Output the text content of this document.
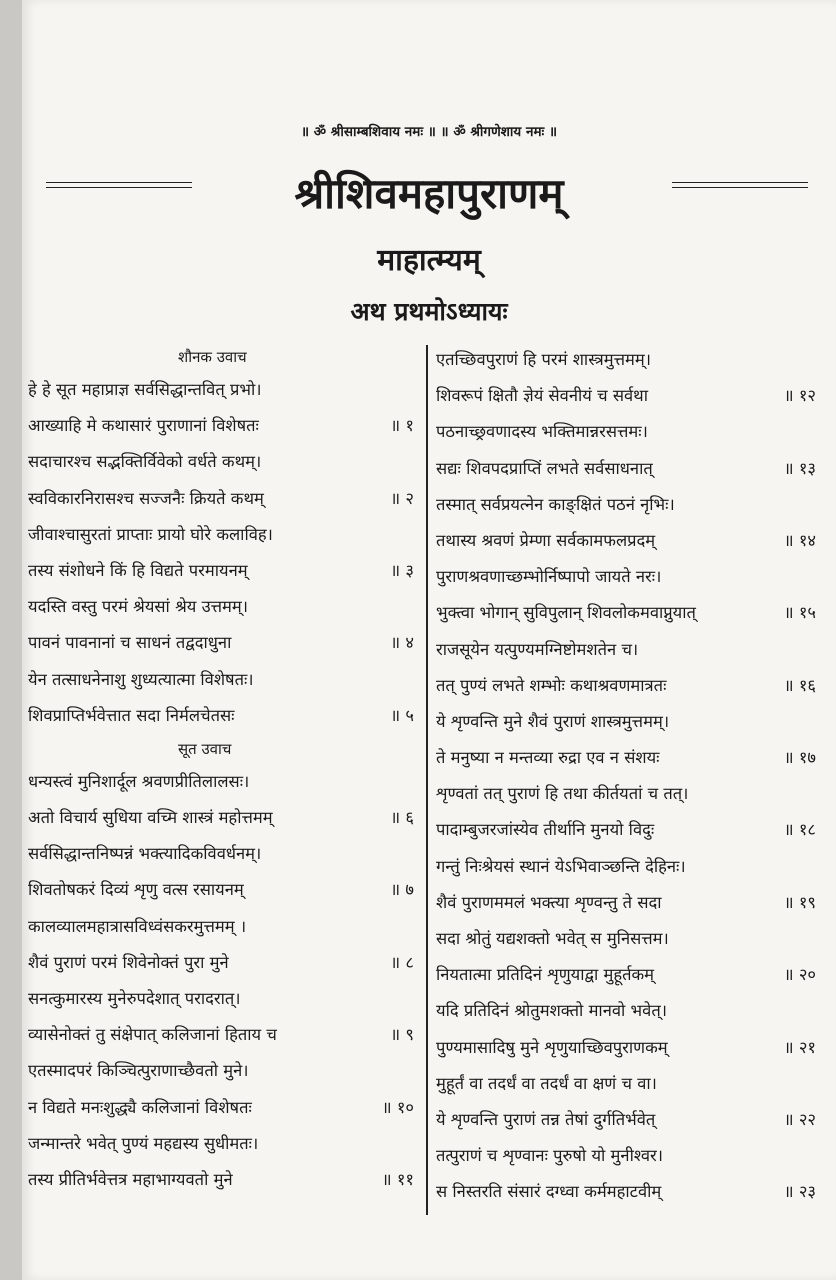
॥ ॐ श्रीसाम्बशिवाय नमः ॥ ॥ ॐ श्रीगणेशाय नमः ॥
श्रीशिवमहापुराणम्
माहात्म्यम्
अथ प्रथमोऽध्यायः
शौनक उवाच
हे हे सूत महाप्राज्ञ सर्वसिद्धान्तवित् प्रभो।
आख्याहि मे कथासारं पुराणानां विशेषतः	॥ १
सदाचारश्च सद्भक्तिर्विवेको वर्धते कथम्।
स्वविकारनिरासश्च सज्जनैः क्रियते कथम्	॥ २
जीवाश्चासुरतां प्राप्ताः प्रायो घोरे कलाविह।
तस्य संशोधने किं हि विद्यते परमायनम्	॥ ३
यदस्ति वस्तु परमं श्रेयसां श्रेय उत्तमम्।
पावनं पावनानां च साधनं तद्वदाधुना	॥ ४
येन तत्साधनेनाशु शुध्यत्यात्मा विशेषतः।
शिवप्राप्तिर्भवेत्तात सदा निर्मलचेतसः	॥ ५
सूत उवाच
धन्यस्त्वं मुनिशार्दूल श्रवणप्रीतिलालसः।
अतो विचार्य सुधिया वच्मि शास्त्रं महोत्तमम्	॥ ६
सर्वसिद्धान्तनिष्पन्नं भक्त्यादिकविवर्धनम्।
शिवतोषकरं दिव्यं शृणु वत्स रसायनम्	॥ ७
कालव्यालमहात्रासविध्वंसकरमुत्तमम् ।
शैवं पुराणं परमं शिवेनोक्तं पुरा मुने	॥ ८
सनत्कुमारस्य मुनेरुपदेशात् परादरात्।
व्यासेनोक्तं तु संक्षेपात् कलिजानां हिताय च	॥ ९
एतस्मादपरं किञ्चित्पुराणाच्छैवतो मुने।
न विद्यते मनःशुद्ध्यै कलिजानां विशेषतः	॥ १०
जन्मान्तरे भवेत् पुण्यं महद्यस्य सुधीमतः।
तस्य प्रीतिर्भवेत्तत्र महाभाग्यवतो मुने	॥ ११
एतच्छिवपुराणं हि परमं शास्त्रमुत्तमम्।
शिवरूपं क्षितौ ज्ञेयं सेवनीयं च सर्वथा	॥ १२
पठनाच्छ्रवणादस्य भक्तिमान्नरसत्तमः।
सद्यः शिवपदप्राप्तिं लभते सर्वसाधनात्	॥ १३
तस्मात् सर्वप्रयत्नेन काङ्क्षितं पठनं नृभिः।
तथास्य श्रवणं प्रेम्णा सर्वकामफलप्रदम्	॥ १४
पुराणश्रवणाच्छम्भोर्निष्पापो जायते नरः।
भुक्त्वा भोगान् सुविपुलान् शिवलोकमवाप्नुयात्	॥ १५
राजसूयेन यत्पुण्यमग्निष्टोमशतेन च।
तत् पुण्यं लभते शम्भोः कथाश्रवणमात्रतः	॥ १६
ये शृण्वन्ति मुने शैवं पुराणं शास्त्रमुत्तमम्।
ते मनुष्या न मन्तव्या रुद्रा एव न संशयः	॥ १७
शृण्वतां तत् पुराणं हि तथा कीर्तयतां च तत्।
पादाम्बुजरजांस्येव तीर्थानि मुनयो विदुः	॥ १८
गन्तुं निःश्रेयसं स्थानं येऽभिवाञ्छन्ति देहिनः।
शैवं पुराणममलं भक्त्या शृण्वन्तु ते सदा	॥ १९
सदा श्रोतुं यद्यशक्तो भवेत् स मुनिसत्तम।
नियतात्मा प्रतिदिनं शृणुयाद्वा मुहूर्तकम्	॥ २०
यदि प्रतिदिनं श्रोतुमशक्तो मानवो भवेत्।
पुण्यमासादिषु मुने शृणुयाच्छिवपुराणकम्	॥ २१
मुहूर्तं वा तदर्धं वा तदर्धं वा क्षणं च वा।
ये शृण्वन्ति पुराणं तन्न तेषां दुर्गतिर्भवेत्	॥ २२
तत्पुराणं च शृण्वानः पुरुषो यो मुनीश्वर।
स निस्तरति संसारं दग्ध्वा कर्ममहाटवीम्	॥ २३
